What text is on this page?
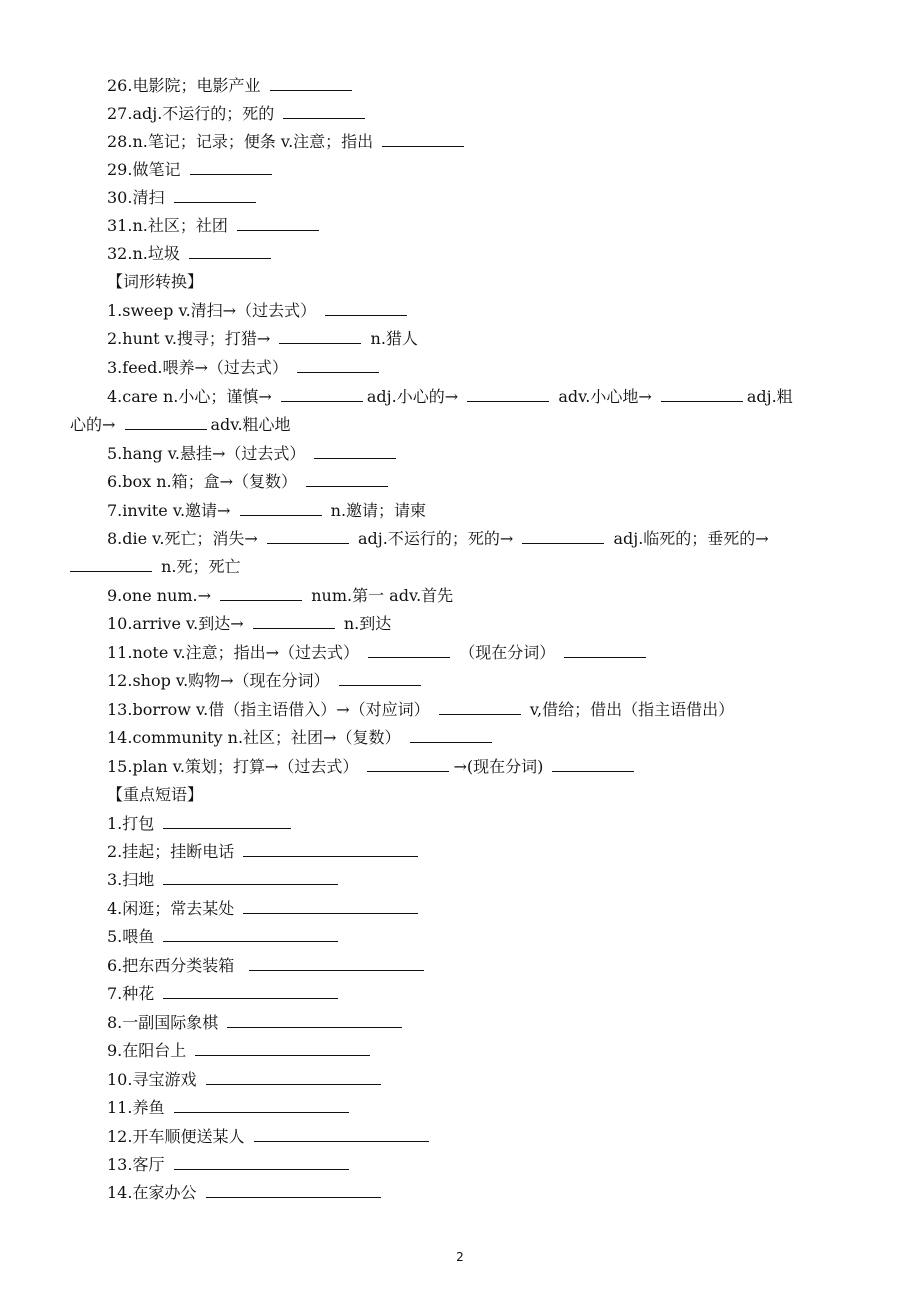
26.电影院；电影产业
27.adj.不运行的；死的
28.n.笔记；记录；便条 v.注意；指出
29.做笔记
30.清扫
31.n.社区；社团
32.n.垃圾
【词形转换】
1.sweep v.清扫→（过去式）
2.hunt v.搜寻；打猎→	n.猎人
3.feed.喂养→（过去式）
4.care n.小心；谨慎→	adj.小心的→	adv.小心地→	adj.粗
心的→	adv.粗心地
5.hang v.悬挂→（过去式）
6.box n.箱；盒→（复数）
7.invite v.邀请→	n.邀请；请柬
8.die v.死亡；消失→	adj.不运行的；死的→	adj.临死的；垂死的→
n.死；死亡
9.one num.→	num.第一 adv.首先
10.arrive v.到达→	n.到达
11.note v.注意；指出→（过去式）	（现在分词）
12.shop v.购物→（现在分词）
13.borrow v.借（指主语借入）→（对应词）	v,借给；借出（指主语借出）
14.community n.社区；社团→（复数）
15.plan v.策划；打算→（过去式）	→(现在分词)
【重点短语】
1.打包
2.挂起；挂断电话
3.扫地
4.闲逛；常去某处
5.喂鱼
6.把东西分类装箱
7.种花
8.一副国际象棋
9.在阳台上
10.寻宝游戏
11.养鱼
12.开车顺便送某人
13.客厅
14.在家办公
2
